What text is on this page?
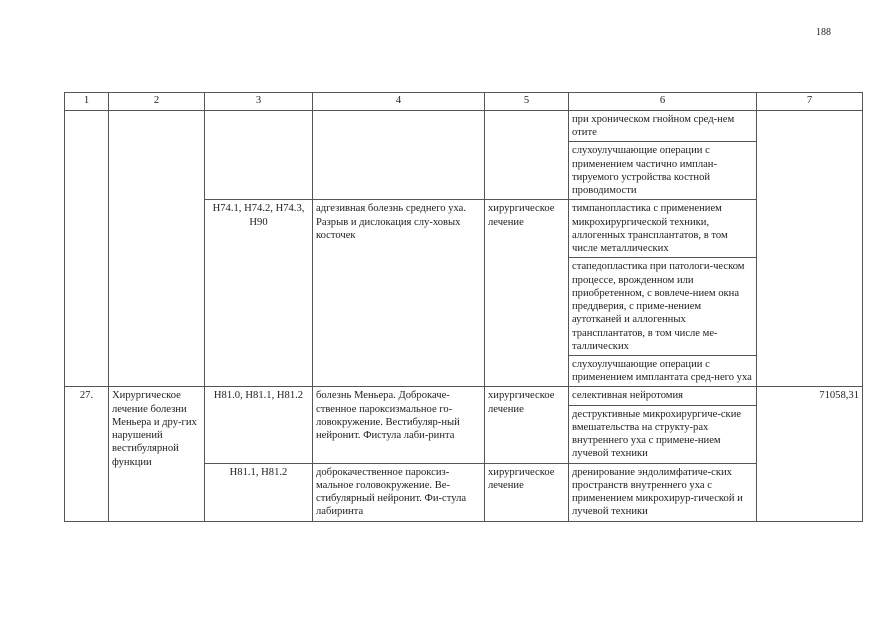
188
1	2	3	4	5	6	7
					при хроническом гнойном сред-нем отите	
					слухоулучшающие операции с применением частично имплан-тируемого устройства костной проводимости	
		H74.1, H74.2, H74.3, H90	адгезивная болезнь среднего уха. Разрыв и дислокация слу-ховых косточек	хирургическое лечение	тимпанопластика с применением микрохирургической техники, аллогенных трансплантатов, в том числе металлических	
					стапедопластика при патологи-ческом процессе, врожденном или приобретенном, с вовлече-нием окна преддверия, с приме-нением аутотканей и аллогенных трансплантатов, в том числе ме-таллических	
					слухоулучшающие операции с применением имплантата сред-него уха	
27.	Хирургическое лечение болезни Меньера и дру-гих нарушений вестибулярной функции	H81.0, H81.1, H81.2	болезнь Меньера. Доброкаче-ственное пароксизмальное го-ловокружение. Вестибуляр-ный нейронит. Фистула лаби-ринта	хирургическое лечение	селективная нейротомия	71058,31
					деструктивные микрохирургиче-ские вмешательства на структу-рах внутреннего уха с примене-нием лучевой техники	
		H81.1, H81.2	доброкачественное пароксиз-мальное головокружение. Ве-стибулярный нейронит. Фи-стула лабиринта	хирургическое лечение	дренирование эндолимфатиче-ских пространств внутреннего уха с применением микрохирур-гической и лучевой техники	
